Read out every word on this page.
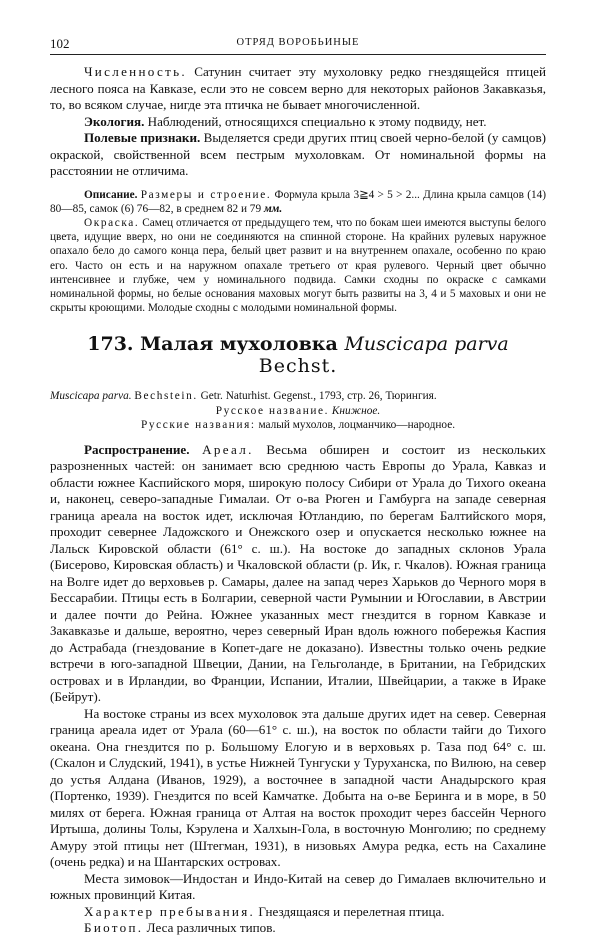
102	ОТРЯД ВОРОБЬИНЫЕ

Численность. Сатунин считает эту мухоловку редко гнездящейся птицей лесного пояса на Кавказе, если это не совсем верно для некоторых районов Закавказья, то, во всяком случае, нигде эта птичка не бывает многочисленной.

Экология. Наблюдений, относящихся специально к этому подвиду, нет.

Полевые признаки. Выделяется среди других птиц своей черно-белой (у самцов) окраской, свойственной всем пестрым мухоловкам. От номинальной формы на расстоянии не отличима.

Описание. Размеры и строение. Формула крыла 3≧4 > 5 > 2... Длина крыла самцов (14) 80—85, самок (6) 76—82, в среднем 82 и 79 мм.

Окраска. Самец отличается от предыдущего тем, что по бокам шеи имеются выступы белого цвета, идущие вверх, но они не соединяются на спинной стороне. На крайних рулевых наружное опахало бело до самого конца пера, белый цвет развит и на внутреннем опахале, особенно по краю его. Часто он есть и на наружном опахале третьего от края рулевого. Черный цвет обычно интенсивнее и глубже, чем у номинального подвида. Самки сходны по окраске с самками номинальной формы, но белые основания маховых могут быть развиты на 3, 4 и 5 маховых и они не скрыты кроющими. Молодые сходны с молодыми номинальной формы.

173. Малая мухоловка Muscicapa parva Bechst.

Muscicapa parva. Bechstein. Getr. Naturhist. Gegenst., 1793, стр. 26, Тюрингия.

Русское название. Книжное.

Русские названия: малый мухолов, лоцманчико—народное.

Распространение. Ареал. Весьма обширен и состоит из нескольких разрозненных частей: он занимает всю среднюю часть Европы до Урала, Кавказ и области южнее Каспийского моря, широкую полосу Сибири от Урала до Тихого океана и, наконец, северо-западные Гималаи. От о-ва Рюген и Гамбурга на западе северная граница ареала на восток идет, исключая Ютландию, по берегам Балтийского моря, проходит севернее Ладожского и Онежского озер и опускается несколько южнее на Лальск Кировской области (61° с. ш.). На востоке до западных склонов Урала (Бисерово, Кировская область) и Чкаловской области (р. Ик, г. Чкалов). Южная граница на Волге идет до верховьев р. Самары, далее на запад через Харьков до Черного моря в Бессарабии. Птицы есть в Болгарии, северной части Румынии и Югославии, в Австрии и далее почти до Рейна. Южнее указанных мест гнездится в горном Кавказе и Закавказье и дальше, вероятно, через северный Иран вдоль южного побережья Каспия до Астрабада (гнездование в Копет-даге не доказано). Известны только очень редкие встречи в юго-западной Швеции, Дании, на Гельголанде, в Британии, на Гебридских островах и в Ирландии, во Франции, Испании, Италии, Швейцарии, а также в Ираке (Бейрут).

На востоке страны из всех мухоловок эта дальше других идет на север. Северная граница ареала идет от Урала (60—61° с. ш.), на восток по области тайги до Тихого океана. Она гнездится по р. Большому Елогую и в верховьях р. Таза под 64° с. ш. (Скалон и Слудский, 1941), в устье Нижней Тунгуски у Туруханска, по Вилюю, на север до устья Алдана (Иванов, 1929), а восточнее в западной части Анадырского края (Портенко, 1939). Гнездится по всей Камчатке. Добыта на о-ве Беринга и в море, в 50 милях от берега. Южная граница от Алтая на восток проходит через бассейн Черного Иртыша, долины Толы, Кэрулена и Халхын-Гола, в восточную Монголию; по среднему Амуру этой птицы нет (Штегман, 1931), в низовьях Амура редка, есть на Сахалине (очень редка) и на Шантарских островах.

Места зимовок—Индостан и Индо-Китай на север до Гималаев включительно и южных провинций Китая.

Характер пребывания. Гнездящаяся и перелетная птица.

Биотоп. Леса различных типов.
